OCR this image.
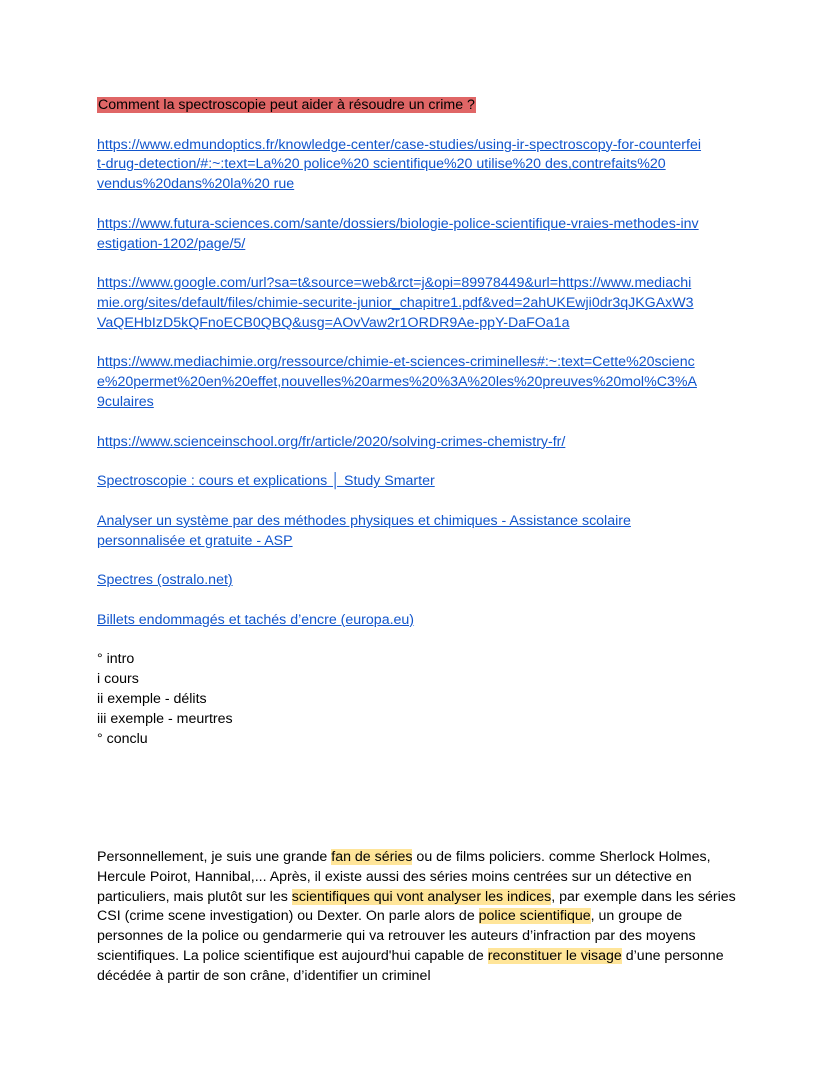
Comment la spectroscopie peut aider à résoudre un crime ?
https://www.edmundoptics.fr/knowledge-center/case-studies/using-ir-spectroscopy-for-counterfei
t-drug-detection/#:~:text=La%20 police%20 scientifique%20 utilise%20 des,contrefaits%20
vendus%20dans%20la%20 rue
https://www.futura-sciences.com/sante/dossiers/biologie-police-scientifique-vraies-methodes-inv
estigation-1202/page/5/
https://www.google.com/url?sa=t&source=web&rct=j&opi=89978449&url=https://www.mediachi
mie.org/sites/default/files/chimie-securite-junior_chapitre1.pdf&ved=2ahUKEwji0dr3qJKGAxW3
VaQEHbIzD5kQFnoECB0QBQ&usg=AOvVaw2r1ORDR9Ae-ppY-DaFOa1a
https://www.mediachimie.org/ressource/chimie-et-sciences-criminelles#:~:text=Cette%20scienc
e%20permet%20en%20effet,nouvelles%20armes%20%3A%20les%20preuves%20mol%C3%A
9culaires
https://www.scienceinschool.org/fr/article/2020/solving-crimes-chemistry-fr/
Spectroscopie : cours et explications │ Study Smarter
Analyser un système par des méthodes physiques et chimiques - Assistance scolaire
personnalisée et gratuite - ASP
Spectres (ostralo.net)
Billets endommagés et tachés d’encre (europa.eu)
° intro
i cours
ii exemple - délits
iii exemple - meurtres
° conclu

Personnellement, je suis une grande fan de séries ou de films policiers. comme Sherlock Holmes, Hercule Poirot, Hannibal,... Après, il existe aussi des séries moins centrées sur un détective en particuliers, mais plutôt sur les scientifiques qui vont analyser les indices, par exemple dans les séries CSI (crime scene investigation) ou Dexter. On parle alors de police scientifique, un groupe de personnes de la police ou gendarmerie qui va retrouver les auteurs d’infraction par des moyens scientifiques. La police scientifique est aujourd'hui capable de reconstituer le visage d’une personne décédée à partir de son crâne, d’identifier un criminel
